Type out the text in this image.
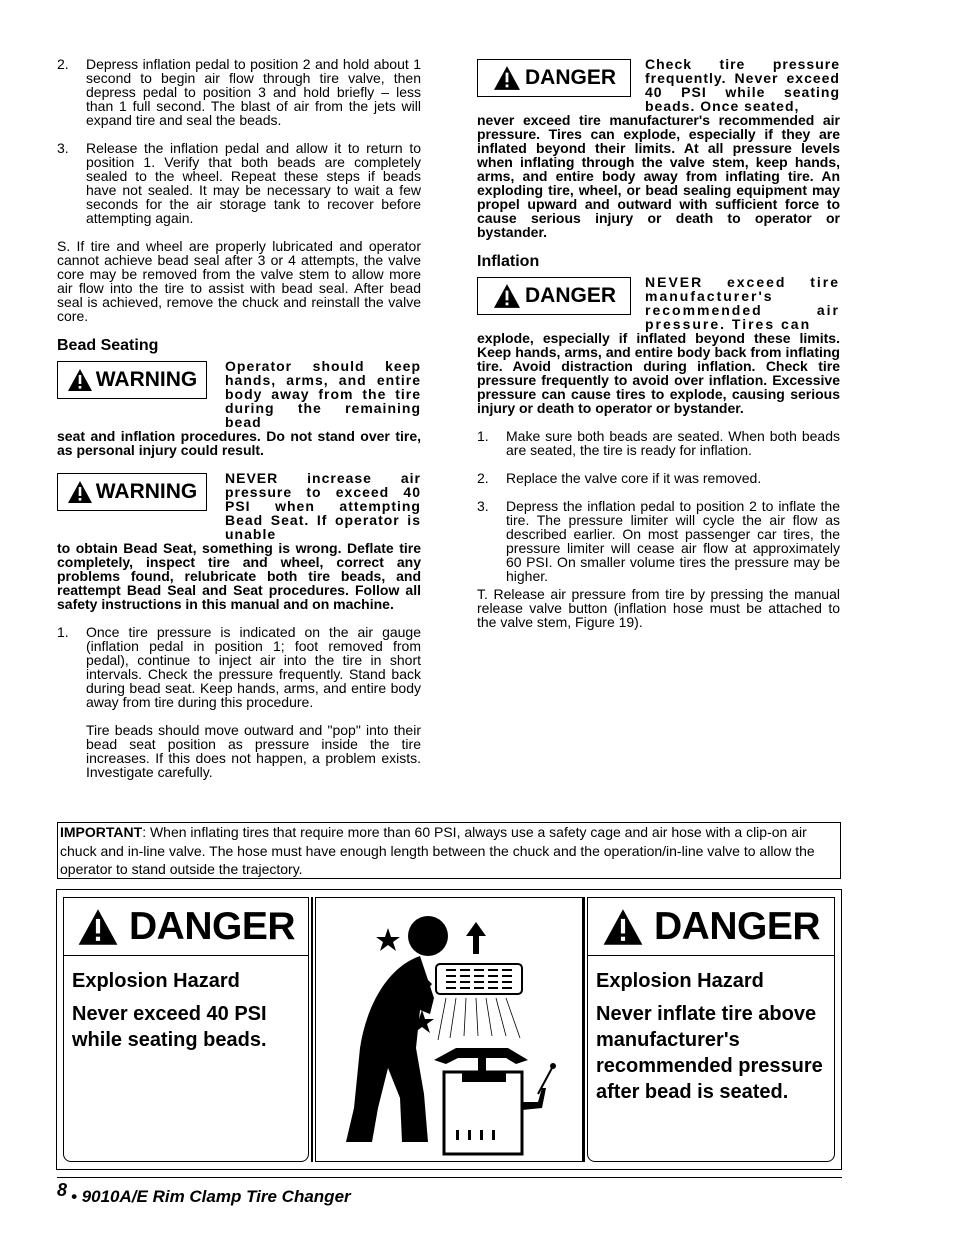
2.	Depress inflation pedal to position 2 and hold about 1 second to begin air flow through tire valve, then depress pedal to position 3 and hold briefly – less than 1 full second. The blast of air from the jets will expand tire and seal the beads.
3.	Release the inflation pedal and allow it to return to position 1. Verify that both beads are completely sealed to the wheel. Repeat these steps if beads have not sealed. It may be necessary to wait a few seconds for the air storage tank to recover before attempting again.

S. If tire and wheel are properly lubricated and operator cannot achieve bead seal after 3 or 4 attempts, the valve core may be removed from the valve stem to allow more air flow into the tire to assist with bead seal. After bead seal is achieved, remove the chuck and reinstall the valve core.

Bead Seating
WARNING
Operator should keep hands, arms, and entire body away from the tire during the remaining bead
seat and inflation procedures. Do not stand over tire, as personal injury could result.
WARNING
NEVER increase air pressure to exceed 40 PSI when attempting Bead Seat. If operator is unable
to obtain Bead Seat, something is wrong. Deflate tire completely, inspect tire and wheel, correct any problems found, relubricate both tire beads, and reattempt Bead Seal and Seat procedures. Follow all safety instructions in this manual and on machine.
1.	Once tire pressure is indicated on the air gauge (inflation pedal in position 1; foot removed from pedal), continue to inject air into the tire in short intervals. Check the pressure frequently. Stand back during bead seat. Keep hands, arms, and entire body away from tire during this procedure.

Tire beads should move outward and "pop" into their bead seat position as pressure inside the tire increases. If this does not happen, a problem exists. Investigate carefully.

DANGER
Check tire pressure frequently. Never exceed 40 PSI while seating beads. Once seated,
never exceed tire manufacturer's recommended air pressure. Tires can explode, especially if they are inflated beyond their limits. At all pressure levels when inflating through the valve stem, keep hands, arms, and entire body away from inflating tire. An exploding tire, wheel, or bead sealing equipment may propel upward and outward with sufficient force to cause serious injury or death to operator or bystander.
Inflation
DANGER
NEVER exceed tire manufacturer's recommended air pressure. Tires can
explode, especially if inflated beyond these limits. Keep hands, arms, and entire body back from inflating tire. Avoid distraction during inflation. Check tire pressure frequently to avoid over inflation. Excessive pressure can cause tires to explode, causing serious injury or death to operator or bystander.
1.	Make sure both beads are seated. When both beads are seated, the tire is ready for inflation.
2.	Replace the valve core if it was removed.
3.	Depress the inflation pedal to position 2 to inflate the tire. The pressure limiter will cycle the air flow as described earlier. On most passenger car tires, the pressure limiter will cease air flow at approximately 60 PSI. On smaller volume tires the pressure may be higher.

T. Release air pressure from tire by pressing the manual release valve button (inflation hose must be attached to the valve stem, Figure 19).

IMPORTANT: When inflating tires that require more than 60 PSI, always use a safety cage and air hose with a clip-on air chuck and in-line valve. The hose must have enough length between the chuck and the operation/in-line valve to allow the operator to stand outside the trajectory.
DANGER

Explosion Hazard

Never exceed 40 PSI while seating beads.

DANGER

Explosion Hazard

Never inflate tire above manufacturer's recommended pressure after bead is seated.

8 • 9010A/E Rim Clamp Tire Changer
